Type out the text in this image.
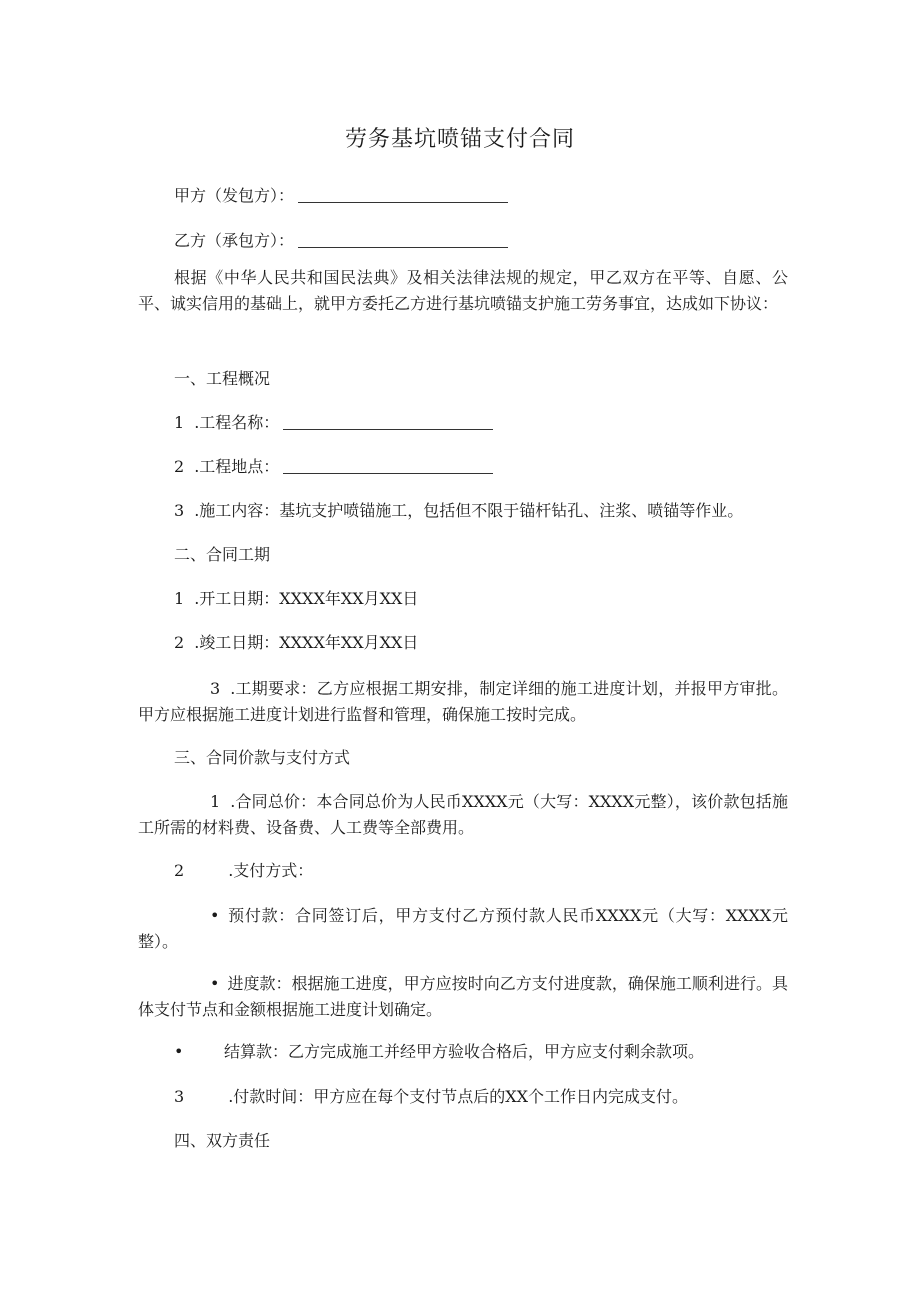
劳务基坑喷锚支付合同
甲方（发包方）：
乙方（承包方）：
根据《中华人民共和国民法典》及相关法律法规的规定，甲乙双方在平等、自愿、公平、诚实信用的基础上，就甲方委托乙方进行基坑喷锚支护施工劳务事宜，达成如下协议：
一、工程概况
1 .工程名称：
2 .工程地点：
3 .施工内容：基坑支护喷锚施工，包括但不限于锚杆钻孔、注浆、喷锚等作业。
二、合同工期
1 .开工日期：XXXX年XX月XX日
2 .竣工日期：XXXX年XX月XX日
3 .工期要求：乙方应根据工期安排，制定详细的施工进度计划，并报甲方审批。甲方应根据施工进度计划进行监督和管理，确保施工按时完成。
三、合同价款与支付方式
1 .合同总价：本合同总价为人民币XXXX元（大写：XXXX元整），该价款包括施工所需的材料费、设备费、人工费等全部费用。
2	.支付方式：
• 预付款：合同签订后，甲方支付乙方预付款人民币XXXX元（大写：XXXX元整）。
• 进度款：根据施工进度，甲方应按时向乙方支付进度款，确保施工顺利进行。具体支付节点和金额根据施工进度计划确定。
•	结算款：乙方完成施工并经甲方验收合格后，甲方应支付剩余款项。
3	.付款时间：甲方应在每个支付节点后的XX个工作日内完成支付。
四、双方责任
